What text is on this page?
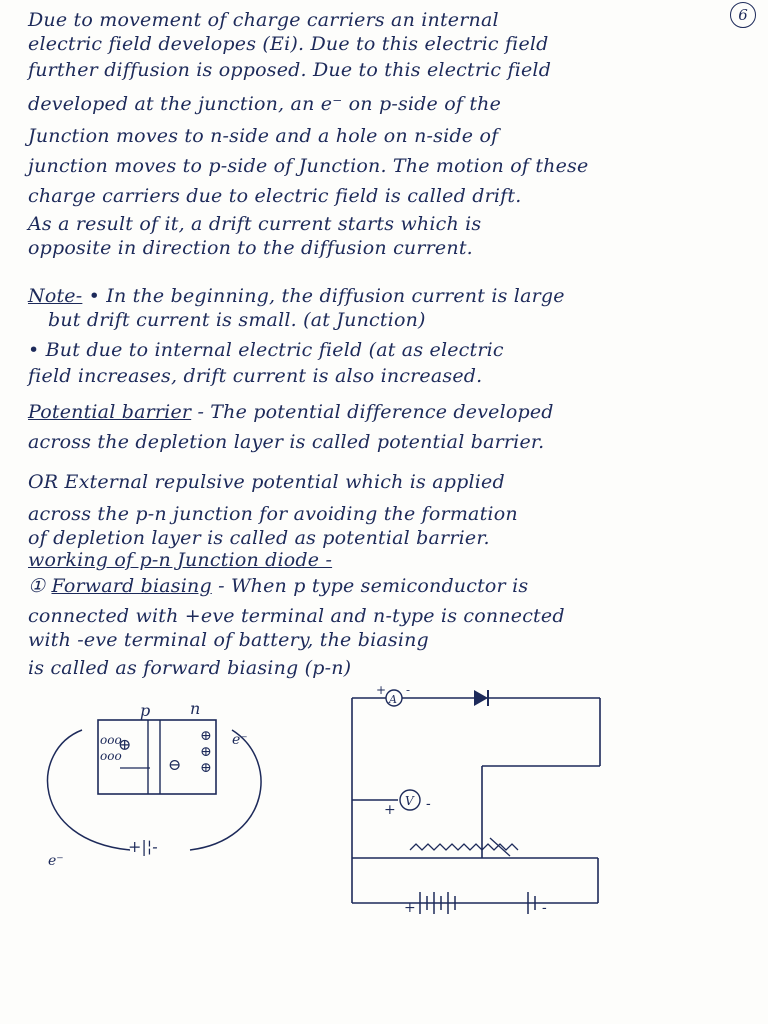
6
Due to movement of charge carriers an internal
electric field developes (Ei). Due to this electric field
further diffusion is opposed. Due to this electric field
developed at the junction, an e⁻ on p-side of the
Junction moves to n-side and a hole on n-side of
junction moves to p-side of Junction. The motion of these
charge carriers due to electric field is called drift.
As a result of it, a drift current starts which is
opposite in direction to the diffusion current.
Note- • In the beginning, the diffusion current is large
but drift current is small. (at Junction)
• But due to internal electric field (at as electric
field increases, drift current is also increased.
Potential barrier - The potential difference developed
across the depletion layer is called potential barrier.
OR External repulsive potential which is applied
across the p-n junction for avoiding the formation
of depletion layer is called as potential barrier.
working of p-n Junction diode -
① Forward biasing - When p type semiconductor is
connected with +eve terminal and n-type is connected
with -eve terminal of battery, the biasing
is called as forward biasing (p-n)
p n
⊕
⊖
⊕
⊕
⊕
ooo
ooo
e⁻
+|¦-
e⁻
A
+ -
V
+ -
+	-
